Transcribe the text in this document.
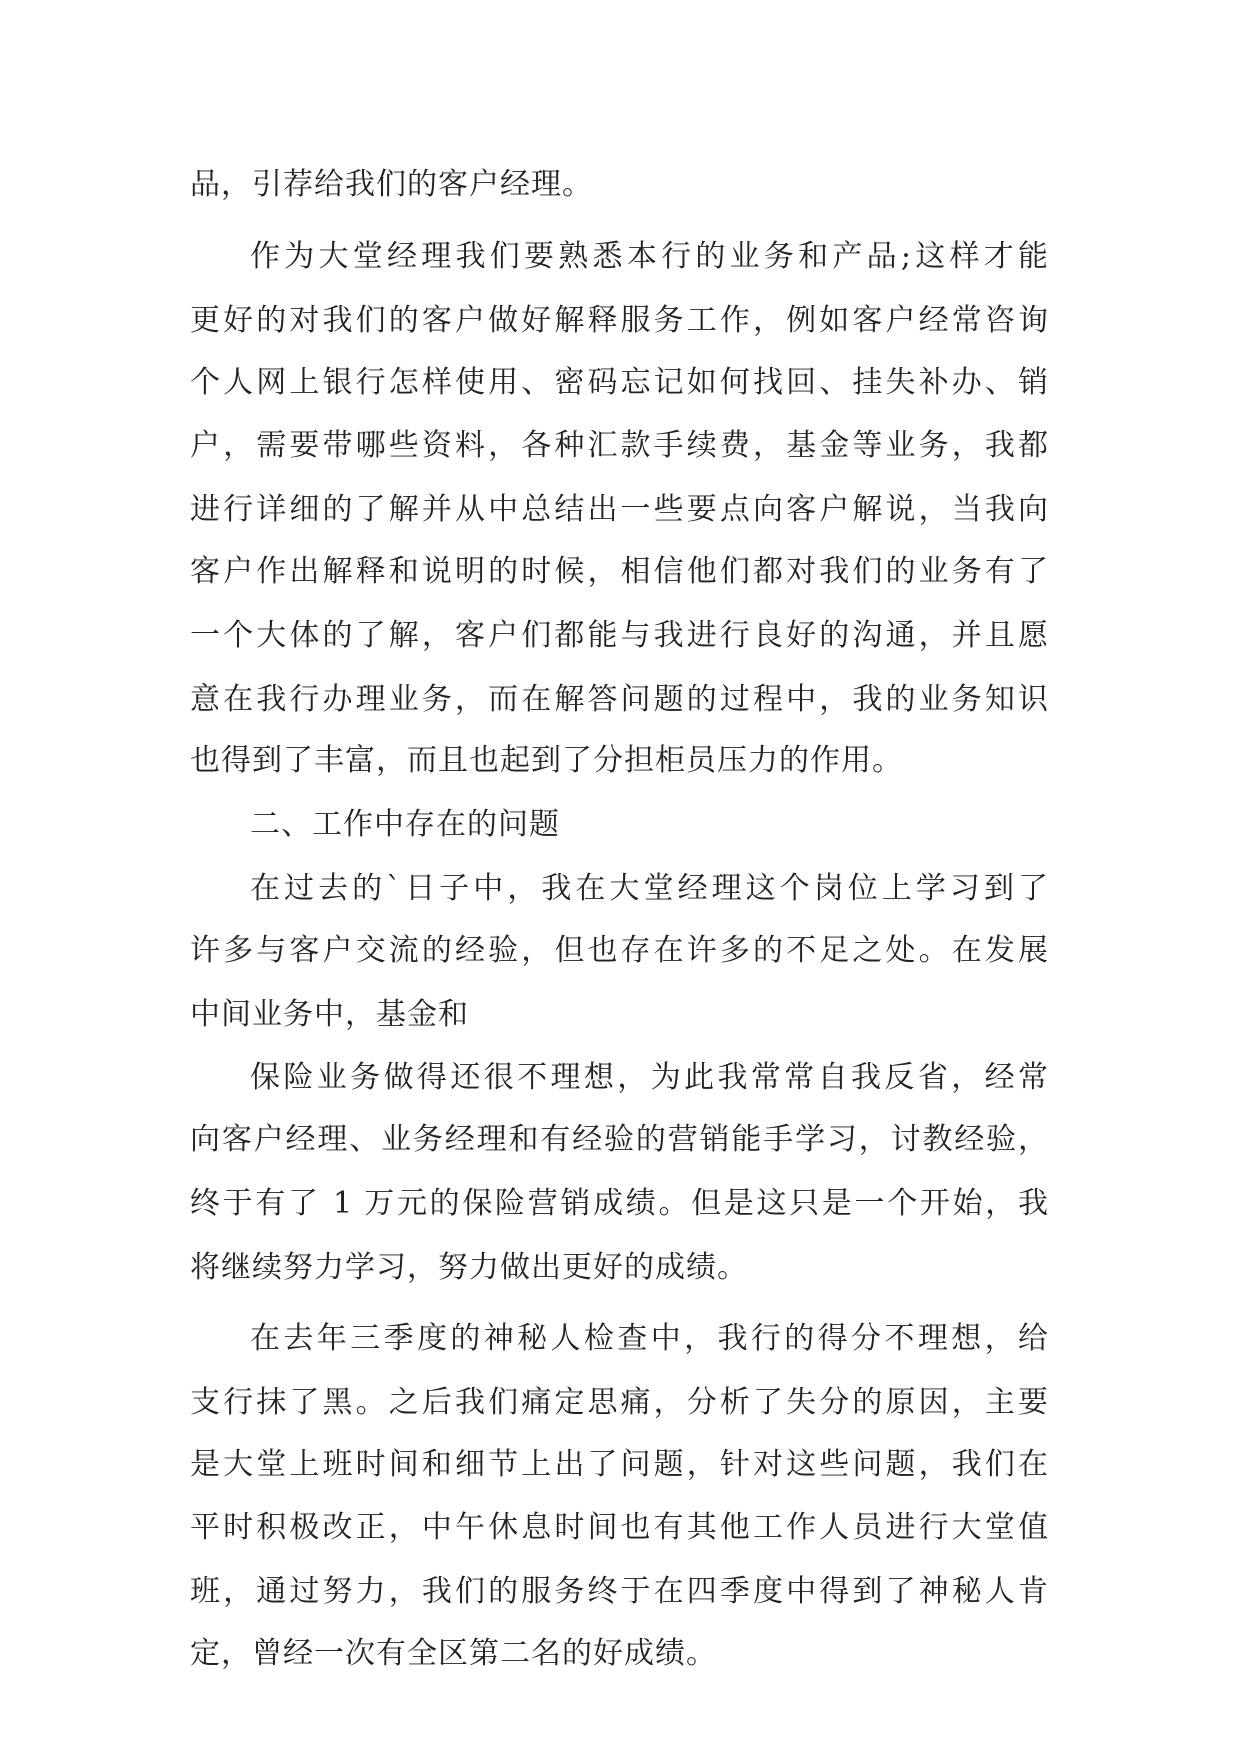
品，引荐给我们的客户经理。
作为大堂经理我们要熟悉本行的业务和产品;这样才能
更好的对我们的客户做好解释服务工作，例如客户经常咨询
个人网上银行怎样使用、密码忘记如何找回、挂失补办、销
户，需要带哪些资料，各种汇款手续费，基金等业务，我都
进行详细的了解并从中总结出一些要点向客户解说，当我向
客户作出解释和说明的时候，相信他们都对我们的业务有了
一个大体的了解，客户们都能与我进行良好的沟通，并且愿
意在我行办理业务，而在解答问题的过程中，我的业务知识
也得到了丰富，而且也起到了分担柜员压力的作用。
二、工作中存在的问题
在过去的`日子中，我在大堂经理这个岗位上学习到了
许多与客户交流的经验，但也存在许多的不足之处。在发展
中间业务中，基金和
保险业务做得还很不理想，为此我常常自我反省，经常
向客户经理、业务经理和有经验的营销能手学习，讨教经验，
终于有了 1 万元的保险营销成绩。但是这只是一个开始，我
将继续努力学习，努力做出更好的成绩。
在去年三季度的神秘人检查中，我行的得分不理想，给
支行抹了黑。之后我们痛定思痛，分析了失分的原因，主要
是大堂上班时间和细节上出了问题，针对这些问题，我们在
平时积极改正，中午休息时间也有其他工作人员进行大堂值
班，通过努力，我们的服务终于在四季度中得到了神秘人肯
定，曾经一次有全区第二名的好成绩。
